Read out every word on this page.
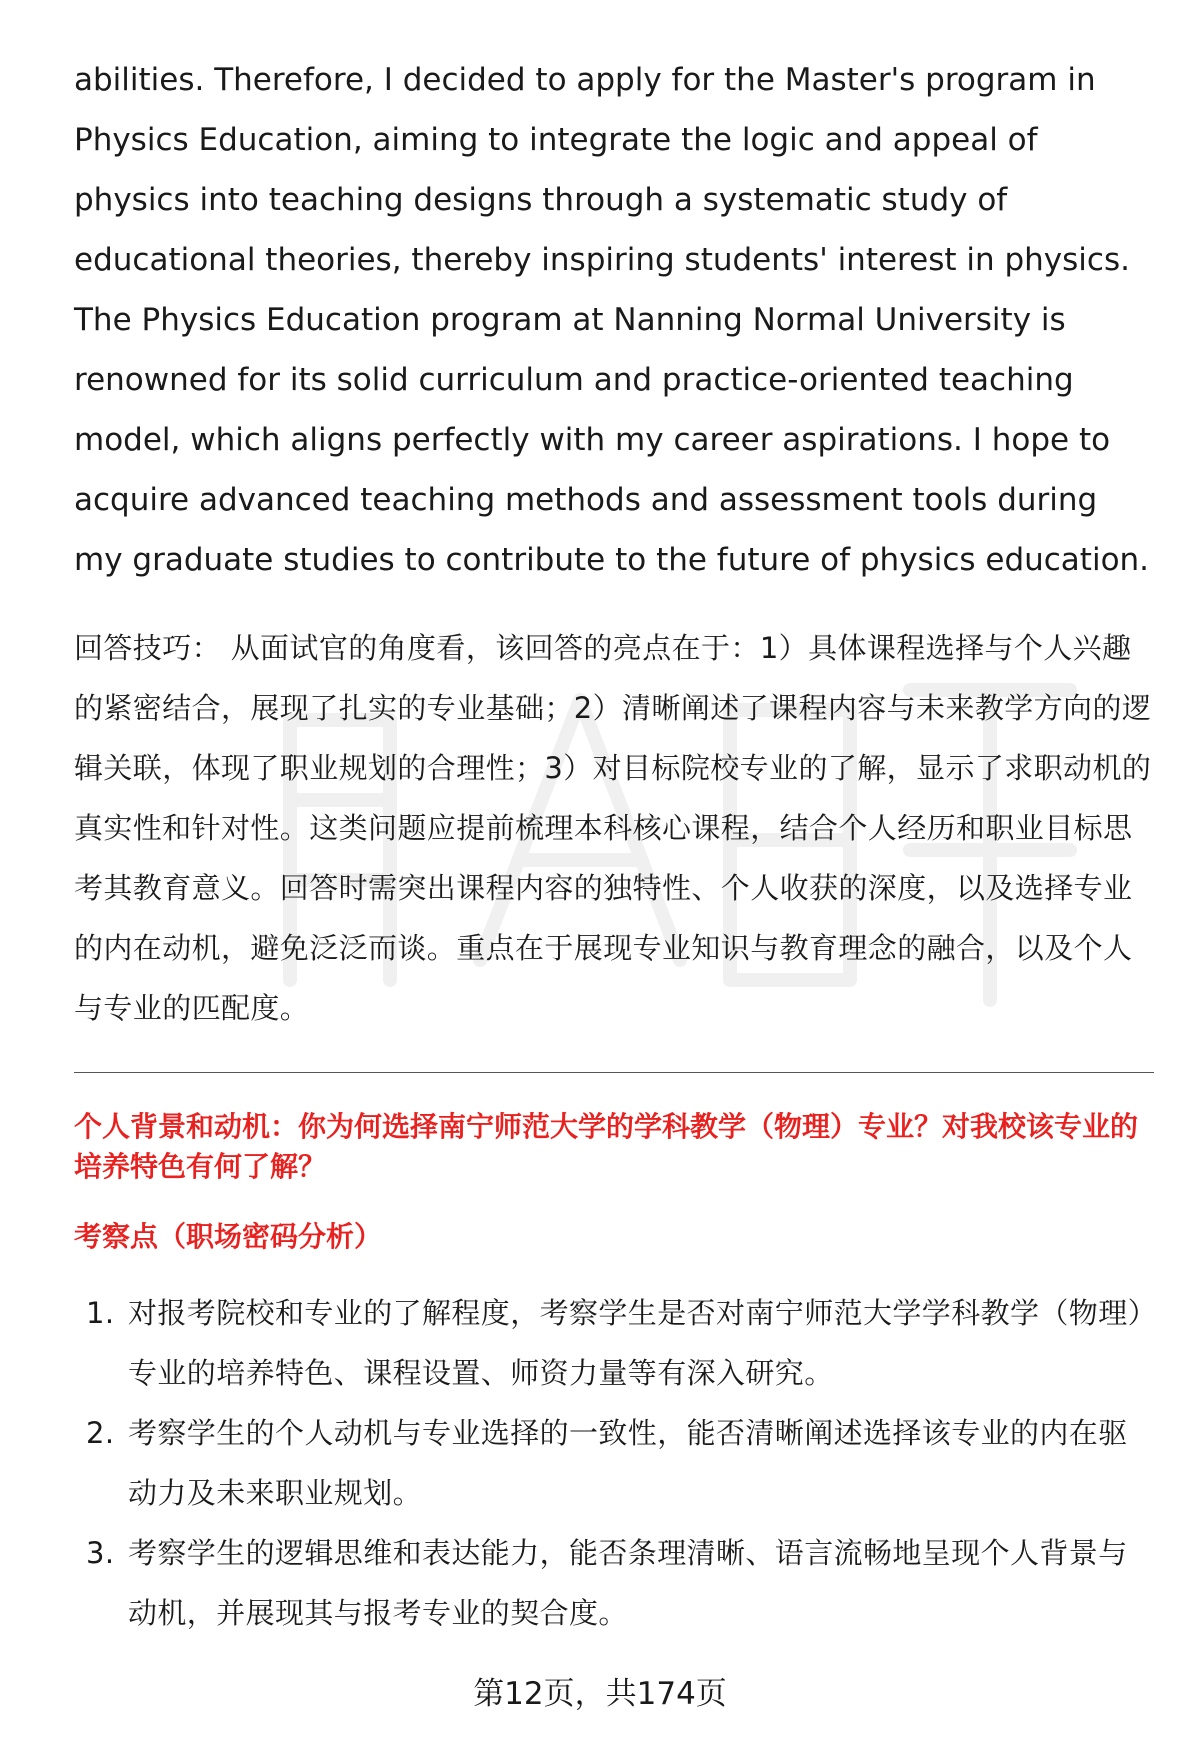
abilities. Therefore, I decided to apply for the Master's program in Physics Education, aiming to integrate the logic and appeal of physics into teaching designs through a systematic study of educational theories, thereby inspiring students' interest in physics. The Physics Education program at Nanning Normal University is renowned for its solid curriculum and practice-oriented teaching model, which aligns perfectly with my career aspirations. I hope to acquire advanced teaching methods and assessment tools during my graduate studies to contribute to the future of physics education.

回答技巧： 从面试官的角度看，该回答的亮点在于：1）具体课程选择与个人兴趣的紧密结合，展现了扎实的专业基础；2）清晰阐述了课程内容与未来教学方向的逻辑关联，体现了职业规划的合理性；3）对目标院校专业的了解，显示了求职动机的真实性和针对性。这类问题应提前梳理本科核心课程，结合个人经历和职业目标思考其教育意义。回答时需突出课程内容的独特性、个人收获的深度，以及选择专业的内在动机，避免泛泛而谈。重点在于展现专业知识与教育理念的融合，以及个人与专业的匹配度。

个人背景和动机：你为何选择南宁师范大学的学科教学（物理）专业？对我校该专业的培养特色有何了解？
考察点（职场密码分析）
1. 对报考院校和专业的了解程度，考察学生是否对南宁师范大学学科教学（物理）专业的培养特色、课程设置、师资力量等有深入研究。
2. 考察学生的个人动机与专业选择的一致性，能否清晰阐述选择该专业的内在驱动力及未来职业规划。
3. 考察学生的逻辑思维和表达能力，能否条理清晰、语言流畅地呈现个人背景与动机，并展现其与报考专业的契合度。
第12页，共174页
